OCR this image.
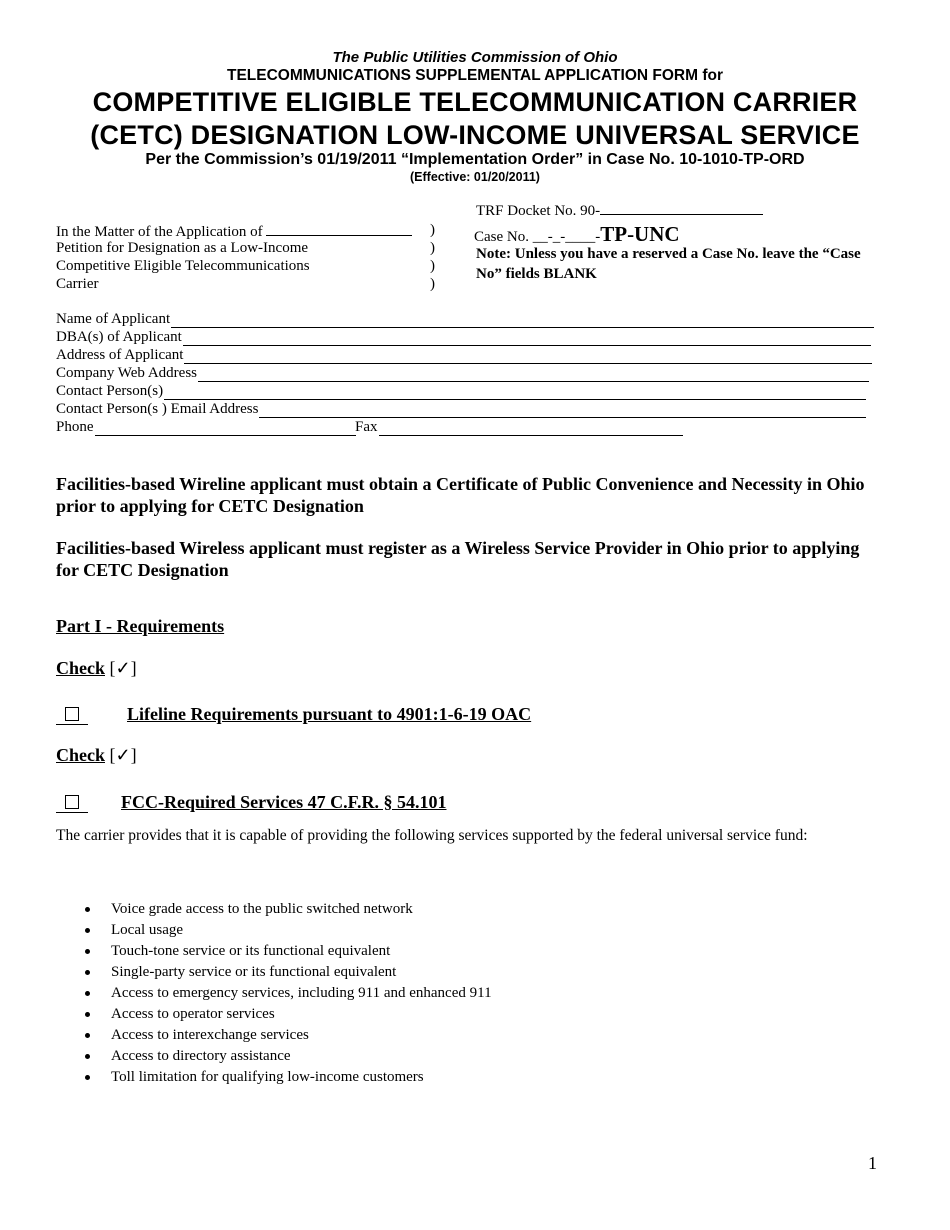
The Public Utilities Commission of Ohio
TELECOMMUNICATIONS SUPPLEMENTAL APPLICATION FORM for
COMPETITIVE ELIGIBLE TELECOMMUNICATION CARRIER
(CETC) DESIGNATION LOW-INCOME UNIVERSAL SERVICE
Per the Commission’s 01/19/2011 “Implementation Order” in Case No. 10-1010-TP-ORD
(Effective: 01/20/2011)
TRF Docket No. 90-
Case No. __-_-____-TP-UNC
Note: Unless you have a reserved a Case No. leave the “Case No” fields BLANK
In the Matter of the Application of
Petition for Designation as a Low-Income
Competitive Eligible Telecommunications
Carrier
)
)
)
)
Name of Applicant
DBA(s) of Applicant
Address of Applicant
Company Web Address
Contact Person(s)
Contact Person(s ) Email Address
Phone	Fax
Facilities-based Wireline applicant must obtain a Certificate of Public Convenience and Necessity in Ohio prior to applying for CETC Designation
Facilities-based Wireless applicant must register as a Wireless Service Provider in Ohio prior to applying for CETC Designation
Part I - Requirements
Check [✓]
Lifeline Requirements pursuant to 4901:1-6-19 OAC
Check [✓]
FCC-Required Services 47 C.F.R. § 54.101
The carrier provides that it is capable of providing the following services supported by the federal universal service fund:
Voice grade access to the public switched network
Local usage
Touch-tone service or its functional equivalent
Single-party service or its functional equivalent
Access to emergency services, including 911 and enhanced 911
Access to operator services
Access to interexchange services
Access to directory assistance
Toll limitation for qualifying low-income customers
1
